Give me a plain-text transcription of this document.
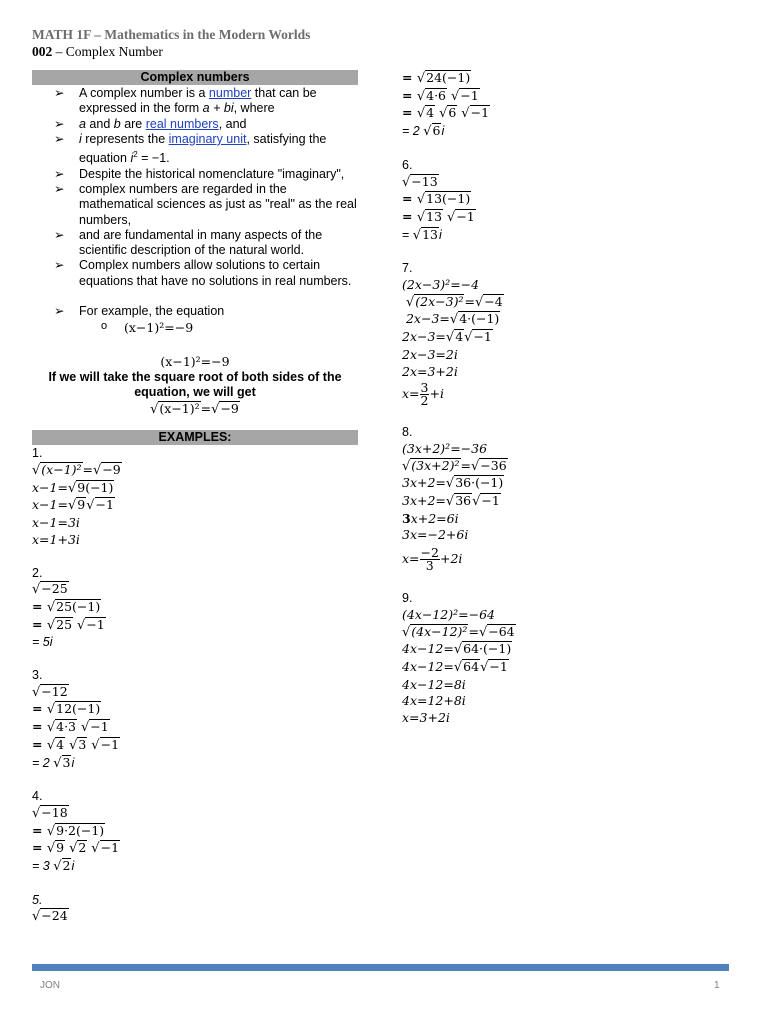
MATH 1F – Mathematics in the Modern Worlds
002 – Complex Number
Complex numbers
➢ A complex number is a number that can be expressed in the form a + bi, where
➢ a and b are real numbers, and
➢ i represents the imaginary unit, satisfying the equation $i^2 = -1$.
➢ Despite the historical nomenclature "imaginary",
➢ complex numbers are regarded in the mathematical sciences as just as "real" as the real numbers,
➢ and are fundamental in many aspects of the scientific description of the natural world.
➢ Complex numbers allow solutions to certain equations that have no solutions in real numbers.
➢ For example, the equation
o (x−1)²=−9
(x−1)²=−9
If we will take the square root of both sides of the equation, we will get
√(x−1)²=√−9
EXAMPLES:
1.
√(x−1)²=√−9
x−1=√9(−1)
x−1=√9√−1
x−1=3i
x=1+3i
2.
√−25
= √25(−1)
= √25 √−1
= 5i
3.
√−12
= √12(−1)
= √4·3 √−1
= √4 √3 √−1
= 2 √3i
4.
√−18
= √9·2(−1)
= √9 √2 √−1
= 3 √2i
5.
√−24
= √24(−1)
= √4·6 √−1
= √4 √6 √−1
= 2 √6i
6.
√−13
= √13(−1)
= √13 √−1
= √13i
7.
(2x−3)²=−4
√(2x−3)²=√−4
2x−3=√4·(−1)
2x−3=√4√−1
2x−3=2i
2x=3+2i
$x= \frac{3}{2} +i$
8.
(3x+2)²=−36
√(3x+2)²=√−36
3x+2=√36·(−1)
3x+2=√36√−1
3x+2=6i
3x=−2+6i
$x= \frac{-2}{3} +2i$
9.
(4x−12)²=−64
√(4x−12)²=√−64
4x−12=√64·(−1)
4x−12=√64√−1
4x−12=8i
4x=12+8i
x=3+2i
JON	1
